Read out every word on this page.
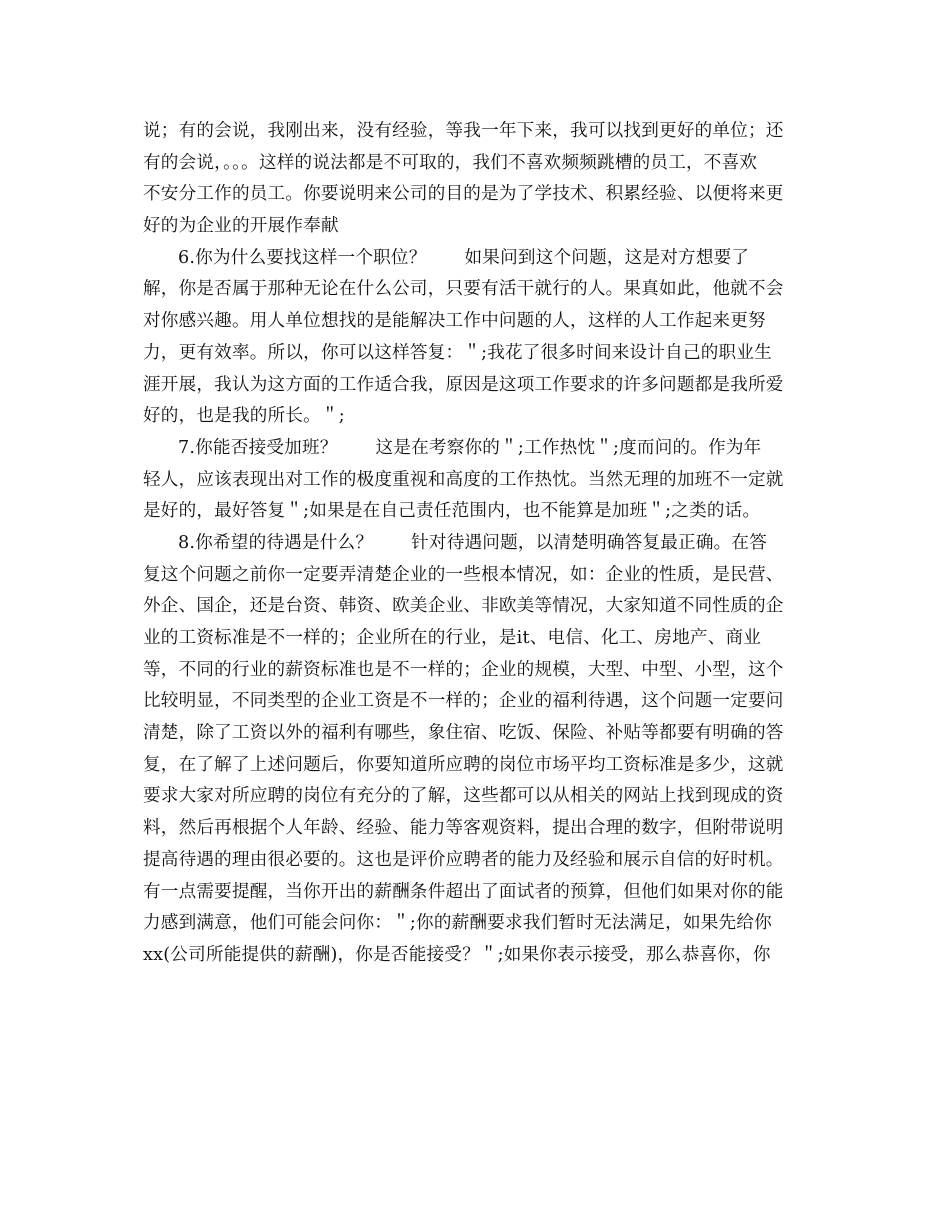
说；有的会说，我刚出来，没有经验，等我一年下来，我可以找到更好的单位；还
有的会说，。。。这样的说法都是不可取的，我们不喜欢频频跳槽的员工，不喜欢
不安分工作的员工。你要说明来公司的目的是为了学技术、积累经验、以便将来更
好的为企业的开展作奉献
6.你为什么要找这样一个职位？ 如果问到这个问题，这是对方想要了
解，你是否属于那种无论在什么公司，只要有活干就行的人。果真如此，他就不会
对你感兴趣。用人单位想找的是能解决工作中问题的人，这样的人工作起来更努
力，更有效率。所以，你可以这样答复：＂;我花了很多时间来设计自己的职业生
涯开展，我认为这方面的工作适合我，原因是这项工作要求的许多问题都是我所爱
好的，也是我的所长。＂;
7.你能否接受加班？ 这是在考察你的＂;工作热忱＂;度而问的。作为年
轻人，应该表现出对工作的极度重视和高度的工作热忱。当然无理的加班不一定就
是好的，最好答复＂;如果是在自己责任范围内，也不能算是加班＂;之类的话。
8.你希望的待遇是什么？ 针对待遇问题，以清楚明确答复最正确。在答
复这个问题之前你一定要弄清楚企业的一些根本情况，如：企业的性质，是民营、
外企、国企，还是台资、韩资、欧美企业、非欧美等情况，大家知道不同性质的企
业的工资标准是不一样的；企业所在的行业，是it、电信、化工、房地产、商业
等，不同的行业的薪资标准也是不一样的；企业的规模，大型、中型、小型，这个
比较明显，不同类型的企业工资是不一样的；企业的福利待遇，这个问题一定要问
清楚，除了工资以外的福利有哪些，象住宿、吃饭、保险、补贴等都要有明确的答
复，在了解了上述问题后，你要知道所应聘的岗位市场平均工资标准是多少，这就
要求大家对所应聘的岗位有充分的了解，这些都可以从相关的网站上找到现成的资
料，然后再根据个人年龄、经验、能力等客观资料，提出合理的数字，但附带说明
提高待遇的理由很必要的。这也是评价应聘者的能力及经验和展示自信的好时机。
有一点需要提醒，当你开出的薪酬条件超出了面试者的预算，但他们如果对你的能
力感到满意，他们可能会问你：＂;你的薪酬要求我们暂时无法满足，如果先给你
xx(公司所能提供的薪酬)，你是否能接受？＂;如果你表示接受，那么恭喜你，你
